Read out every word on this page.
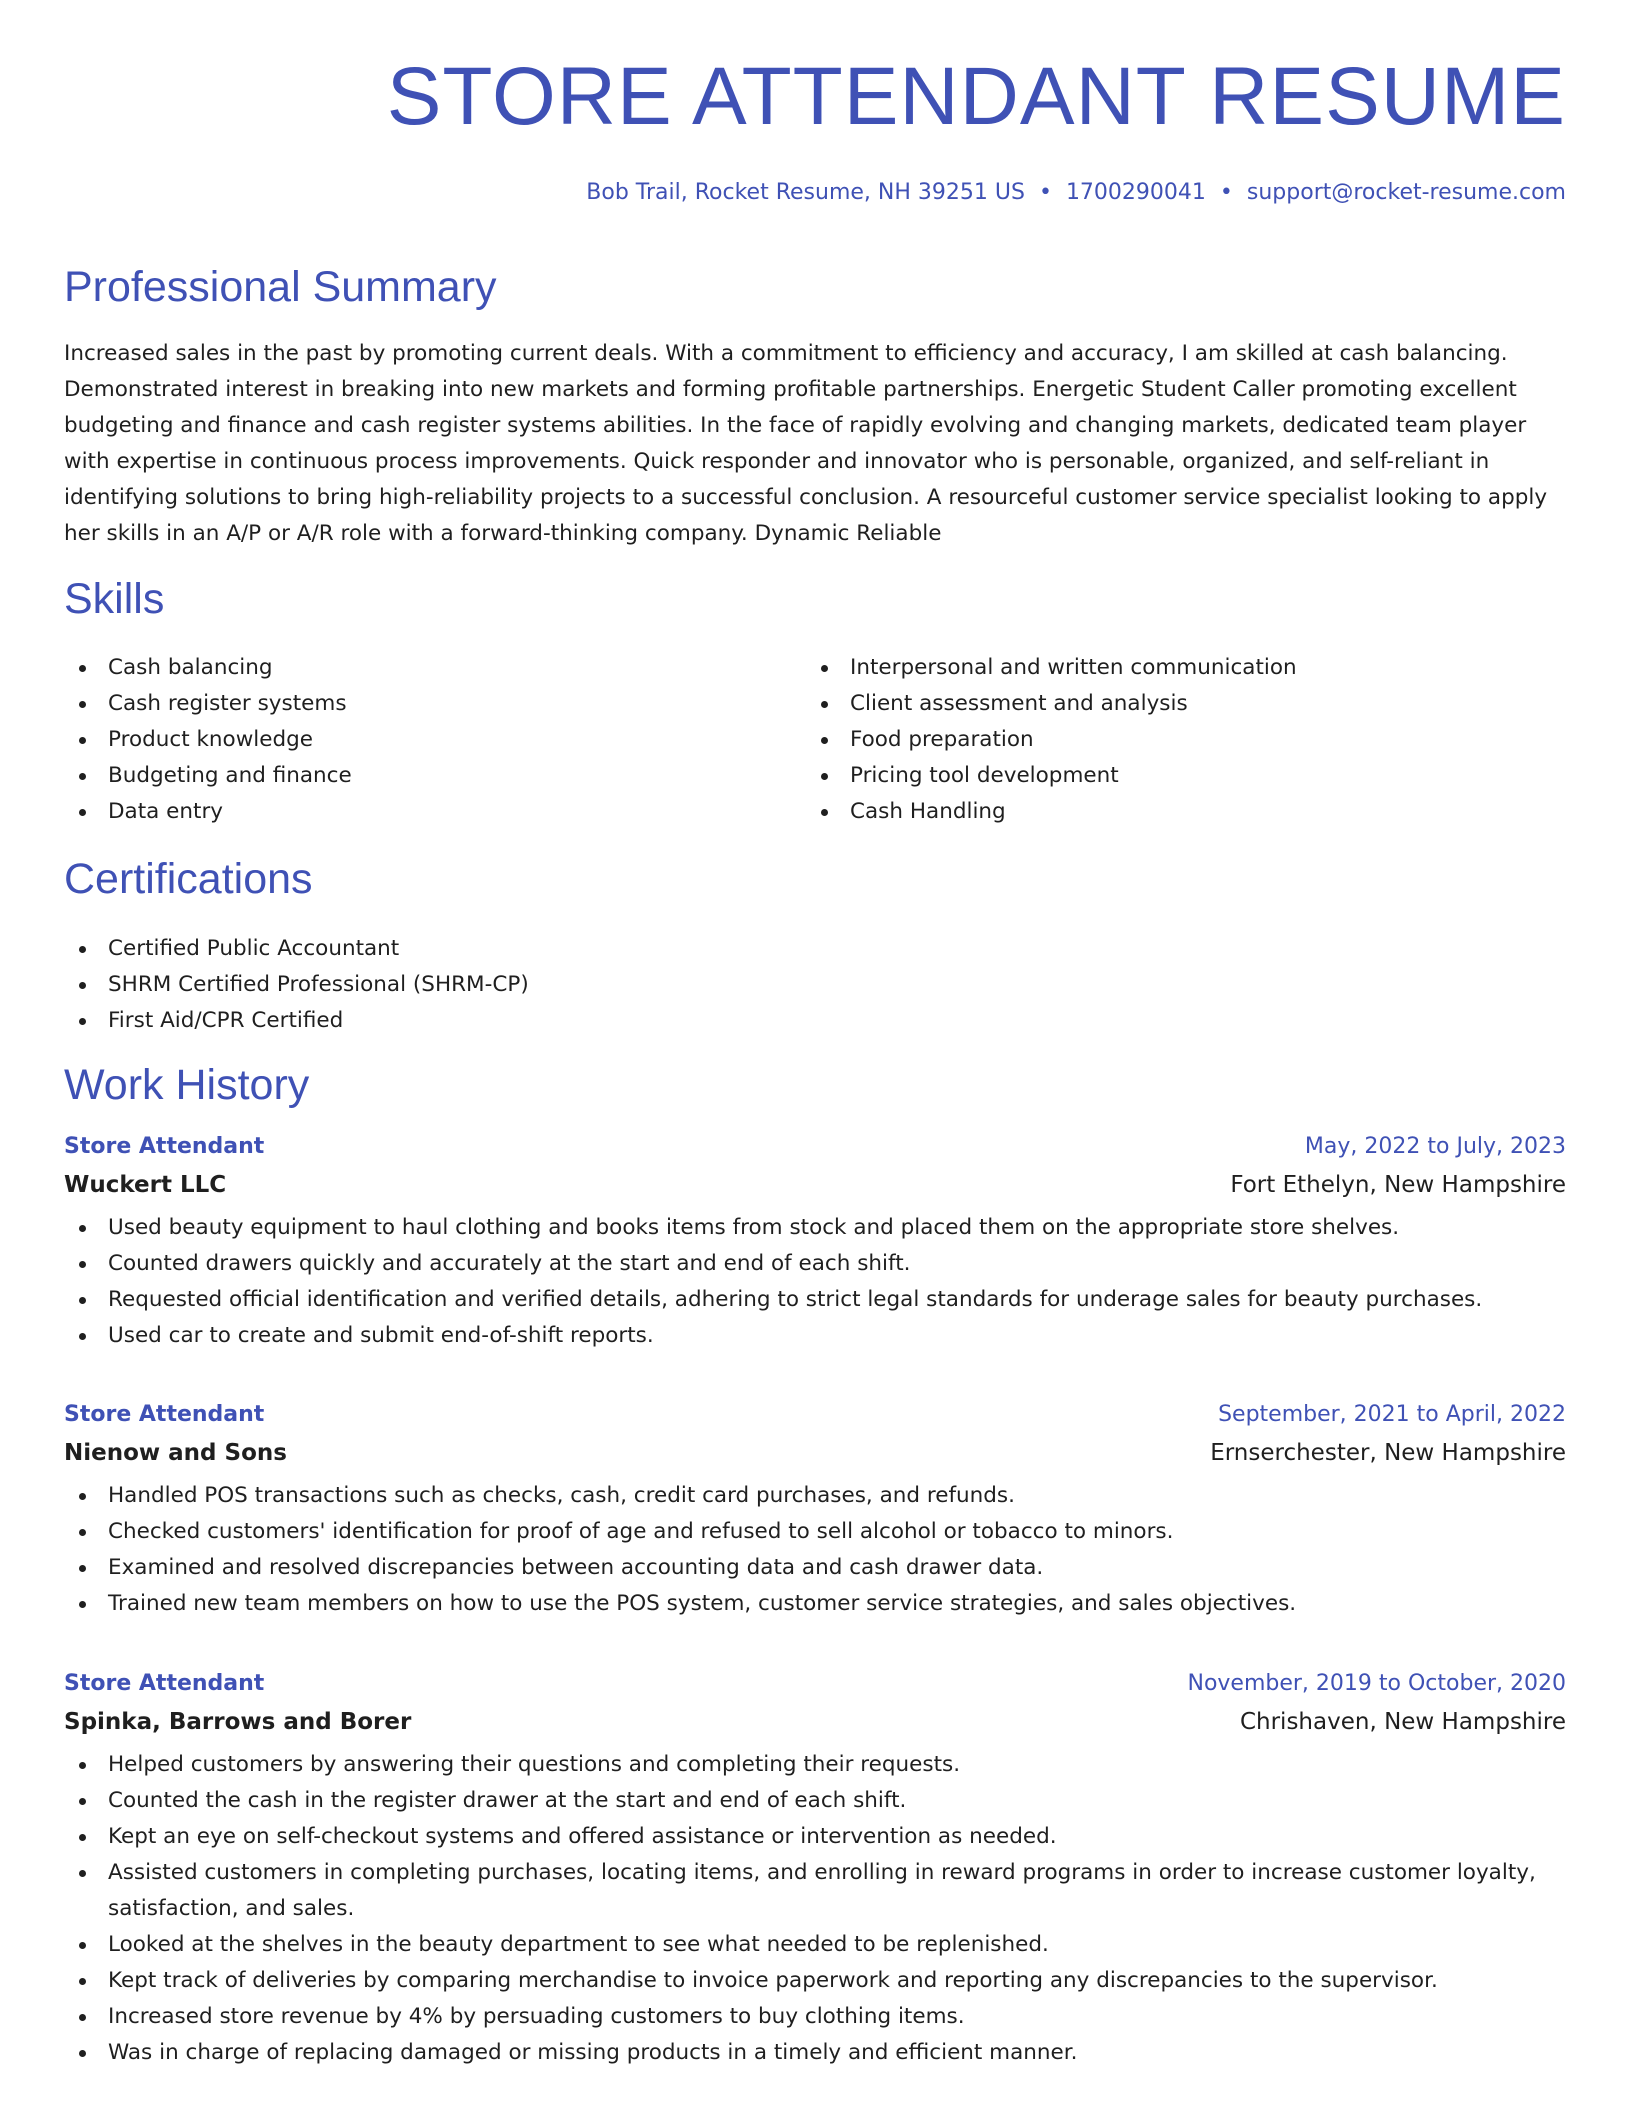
STORE ATTENDANT RESUME
Bob Trail, Rocket Resume, NH 39251 US • 1700290041 • support@rocket-resume.com
Professional Summary

Increased sales in the past by promoting current deals. With a commitment to efficiency and accuracy, I am skilled at cash balancing. Demonstrated interest in breaking into new markets and forming profitable partnerships. Energetic Student Caller promoting excellent budgeting and finance and cash register systems abilities. In the face of rapidly evolving and changing markets, dedicated team player with expertise in continuous process improvements. Quick responder and innovator who is personable, organized, and self-reliant in identifying solutions to bring high-reliability projects to a successful conclusion. A resourceful customer service specialist looking to apply her skills in an A/P or A/R role with a forward-thinking company. Dynamic Reliable

Skills
Cash balancing
Cash register systems
Product knowledge
Budgeting and finance
Data entry
Interpersonal and written communication
Client assessment and analysis
Food preparation
Pricing tool development
Cash Handling
Certifications
Certified Public Accountant
SHRM Certified Professional (SHRM-CP)
First Aid/CPR Certified
Work History
Store Attendant	May, 2022 to July, 2023
Wuckert LLC	Fort Ethelyn, New Hampshire
Used beauty equipment to haul clothing and books items from stock and placed them on the appropriate store shelves.
Counted drawers quickly and accurately at the start and end of each shift.
Requested official identification and verified details, adhering to strict legal standards for underage sales for beauty purchases.
Used car to create and submit end-of-shift reports.
Store Attendant	September, 2021 to April, 2022
Nienow and Sons	Ernserchester, New Hampshire
Handled POS transactions such as checks, cash, credit card purchases, and refunds.
Checked customers' identification for proof of age and refused to sell alcohol or tobacco to minors.
Examined and resolved discrepancies between accounting data and cash drawer data.
Trained new team members on how to use the POS system, customer service strategies, and sales objectives.
Store Attendant	November, 2019 to October, 2020
Spinka, Barrows and Borer	Chrishaven, New Hampshire
Helped customers by answering their questions and completing their requests.
Counted the cash in the register drawer at the start and end of each shift.
Kept an eye on self-checkout systems and offered assistance or intervention as needed.
Assisted customers in completing purchases, locating items, and enrolling in reward programs in order to increase customer loyalty, satisfaction, and sales.
Looked at the shelves in the beauty department to see what needed to be replenished.
Kept track of deliveries by comparing merchandise to invoice paperwork and reporting any discrepancies to the supervisor.
Increased store revenue by 4% by persuading customers to buy clothing items.
Was in charge of replacing damaged or missing products in a timely and efficient manner.
